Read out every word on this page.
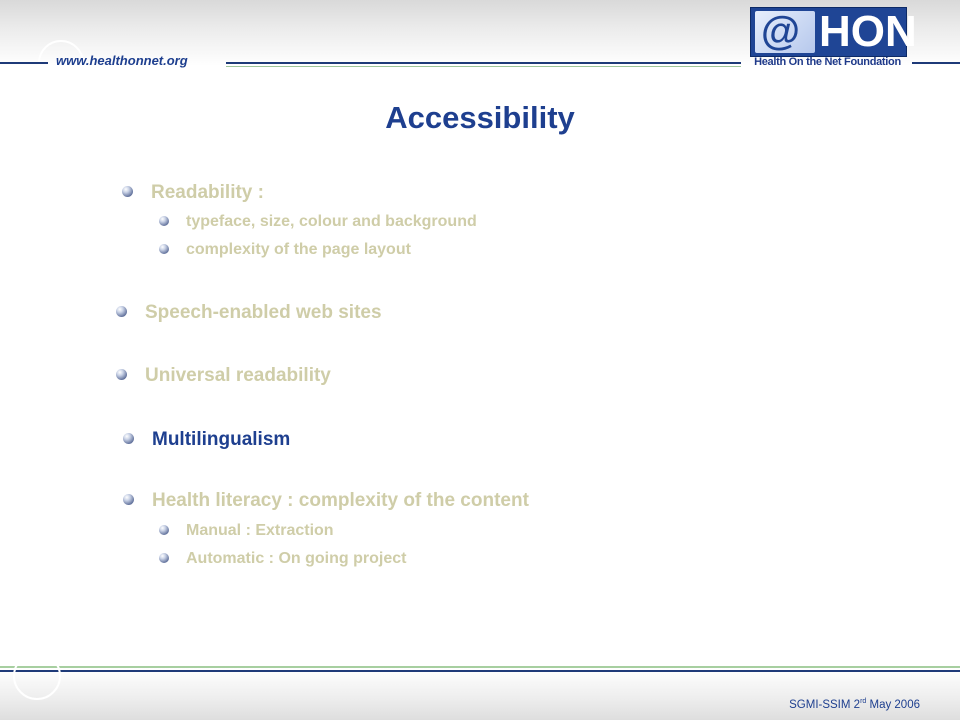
www.healthonnet.org
@ HON
Health On the Net Foundation
Accessibility
Readability :
typeface, size, colour and background
complexity of the page layout
Speech-enabled web sites
Universal readability
Multilingualism
Health literacy : complexity of the content
Manual : Extraction
Automatic : On going project
SGMI-SSIM 2rd May 2006
